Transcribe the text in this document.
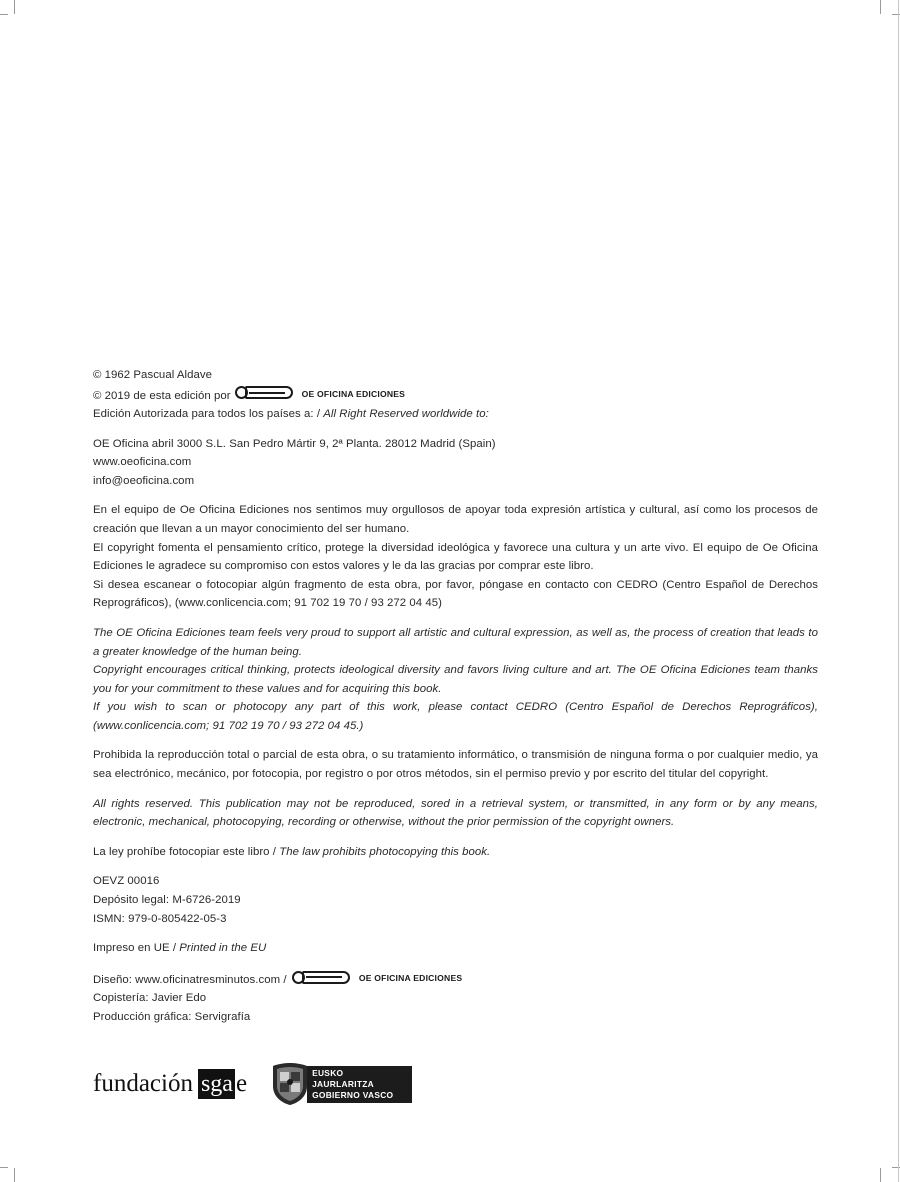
© 1962 Pascual Aldave

© 2019 de esta edición por	OE OFICINA EDICIONES

Edición Autorizada para todos los países a: / All Right Reserved worldwide to:

OE Oficina abril 3000 S.L. San Pedro Mártir 9, 2ª Planta. 28012 Madrid (Spain)

www.oeoficina.com

info@oeoficina.com

En el equipo de Oe Oficina Ediciones nos sentimos muy orgullosos de apoyar toda expresión artística y cultural, así como los procesos de creación que llevan a un mayor conocimiento del ser humano.

El copyright fomenta el pensamiento crítico, protege la diversidad ideológica y favorece una cultura y un arte vivo. El equipo de Oe Oficina Ediciones le agradece su compromiso con estos valores y le da las gracias por comprar este libro.

Si desea escanear o fotocopiar algún fragmento de esta obra, por favor, póngase en contacto con CEDRO (Centro Español de Derechos Reprográficos), (www.conlicencia.com; 91 702 19 70 / 93 272 04 45)

The OE Oficina Ediciones team feels very proud to support all artistic and cultural expression, as well as, the process of creation that leads to a greater knowledge of the human being.

Copyright encourages critical thinking, protects ideological diversity and favors living culture and art. The OE Oficina Ediciones team thanks you for your commitment to these values and for acquiring this book.

If you wish to scan or photocopy any part of this work, please contact CEDRO (Centro Español de Derechos Reprográficos), (www.conlicencia.com; 91 702 19 70 / 93 272 04 45.)

Prohibida la reproducción total o parcial de esta obra, o su tratamiento informático, o transmisión de ninguna forma o por cualquier medio, ya sea electrónico, mecánico, por fotocopia, por registro o por otros métodos, sin el permiso previo y por escrito del titular del copyright.

All rights reserved. This publication may not be reproduced, sored in a retrieval system, or transmitted, in any form or by any means, electronic, mechanical, photocopying, recording or otherwise, without the prior permission of the copyright owners.

La ley prohíbe fotocopiar este libro / The law prohibits photocopying this book.

OEVZ 00016

Depósito legal: M-6726-2019

ISMN: 979-0-805422-05-3

Impreso en UE / Printed in the EU

Diseño: www.oficinatresminutos.com /	OE OFICINA EDICIONES

Copistería: Javier Edo

Producción gráfica: Servigrafía

fundación sga e	EUSKO JAURLARITZA
GOBIERNO VASCO
